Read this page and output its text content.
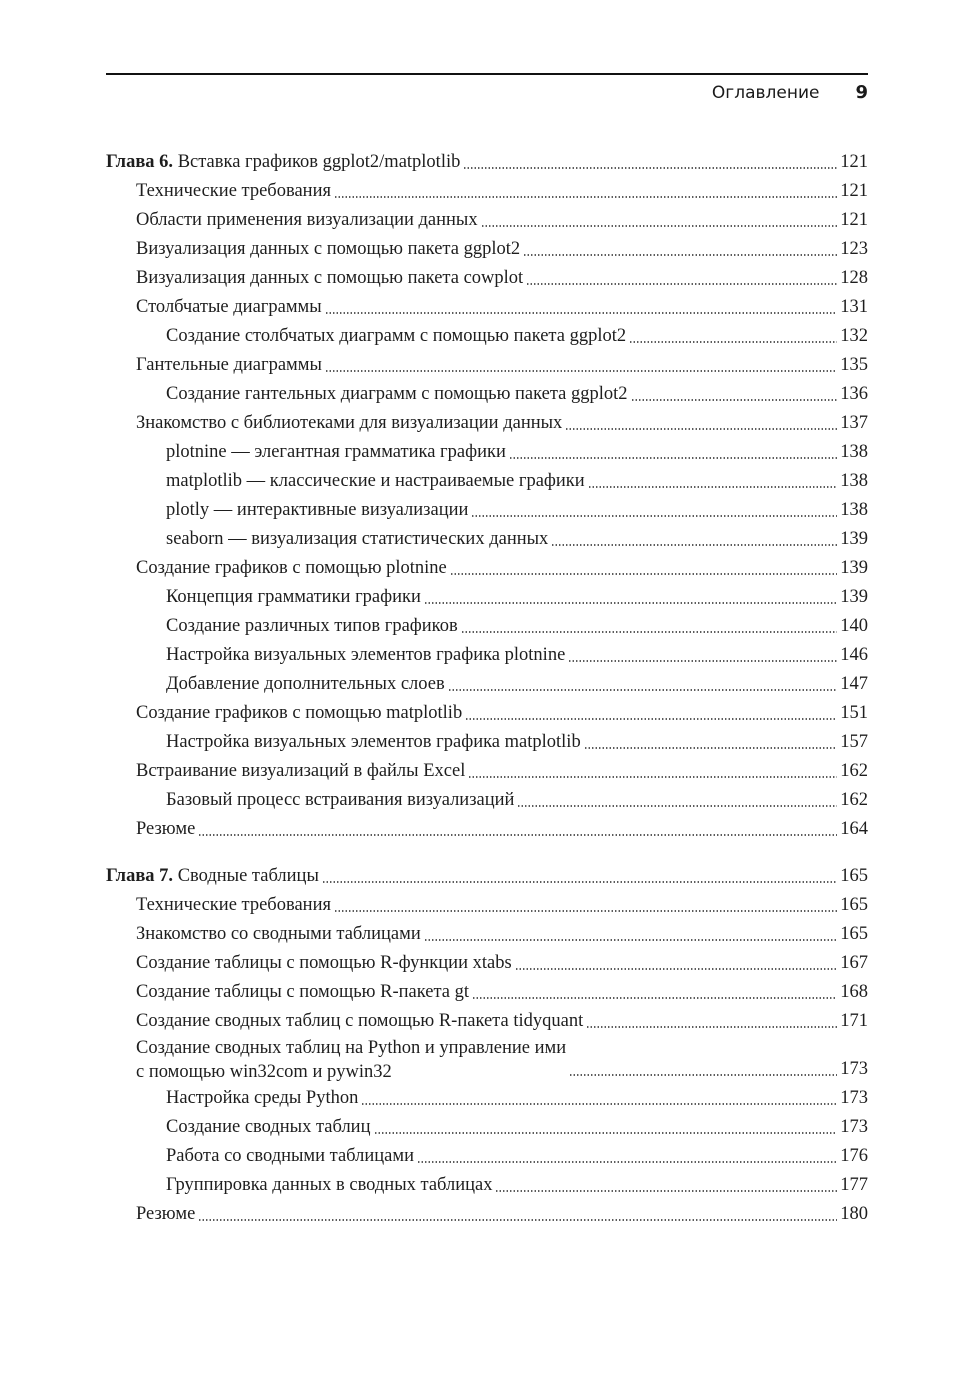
Оглавление 9
Глава 6. Вставка графиков ggplot2/matplotlib	121
Технические требования	121
Области применения визуализации данных	121
Визуализация данных с помощью пакета ggplot2	123
Визуализация данных с помощью пакета cowplot	128
Столбчатые диаграммы	131
Создание столбчатых диаграмм с помощью пакета ggplot2	132
Гантельные диаграммы	135
Создание гантельных диаграмм с помощью пакета ggplot2	136
Знакомство с библиотеками для визуализации данных	137
plotnine — элегантная грамматика графики	138
matplotlib — классические и настраиваемые графики	138
plotly — интерактивные визуализации	138
seaborn — визуализация статистических данных	139
Создание графиков с помощью plotnine	139
Концепция грамматики графики	139
Создание различных типов графиков	140
Настройка визуальных элементов графика plotnine	146
Добавление дополнительных слоев	147
Создание графиков с помощью matplotlib	151
Настройка визуальных элементов графика matplotlib	157
Встраивание визуализаций в файлы Excel	162
Базовый процесс встраивания визуализаций	162
Резюме	164
Глава 7. Сводные таблицы	165
Технические требования	165
Знакомство со сводными таблицами	165
Создание таблицы с помощью R-функции xtabs	167
Создание таблицы с помощью R-пакета gt	168
Создание сводных таблиц с помощью R-пакета tidyquant	171
Создание сводных таблиц на Python и управление ими
с помощью win32com и pywin32	173
Настройка среды Python	173
Создание сводных таблиц	173
Работа со сводными таблицами	176
Группировка данных в сводных таблицах	177
Резюме	180
